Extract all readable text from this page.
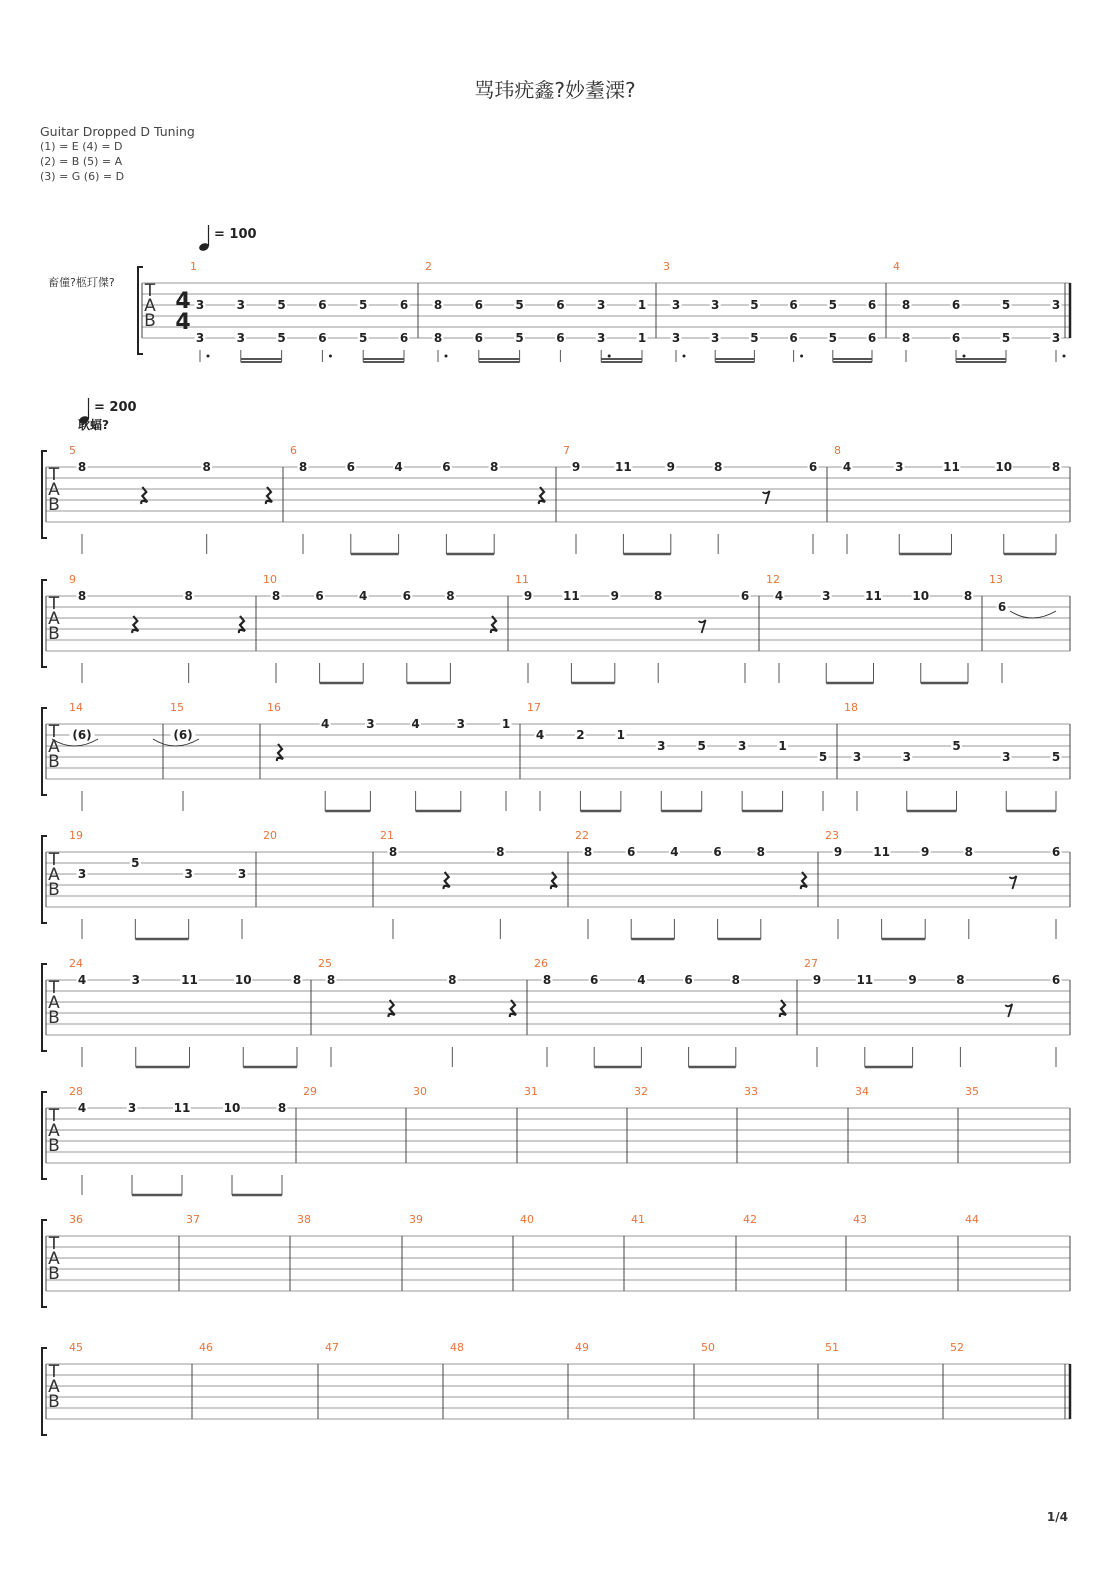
骂玮疣鑫?妙耋溧?
Guitar Dropped D Tuning
(1) = E (4) = D
(2) = B (5) = A
(3) = G (6) = D
T
A
B
4
4
畜僮?柩玎傑?
1
3
3
3
3
5
5
6
6
5
5
6
6
2
8
8
6
6
5
5
6
6
3
3
1
1
3
3
3
3
3
5
5
6
6
5
5
6
6
4
8
8
6
6
5
5
3
3
T
A
B
5
8	8
6
8	6	4	6	8
7
9	11	9	8	6
8
4	3	11	10	8
T
A
B
9
8	8
10
8	6	4	6	8
11
9	11	9	8	6
12
4	3	11	10	8
13
6
T
A
B
14
(6)
15
(6)
16
4	3	4	3	1
17
4	2	1
3	5	3	1
5
18
3	3
5
3	5
T
A
B
19
3
5
3	3
20	21
8	8
22
8	6	4	6	8
23
9	11	9	8	6
T
A
B
24
4	3	11	10	8
25
8	8
26
8	6	4	6	8
27
9	11	9	8	6
T
A
B
28
4	3	11	10	8
29	30	31	32	33	34	35
T
A
B
36	37	38	39	40	41	42	43	44
T
A
B
45	46	47	48	49	50	51	52
= 100
= 200
耿蝠?
1/4
